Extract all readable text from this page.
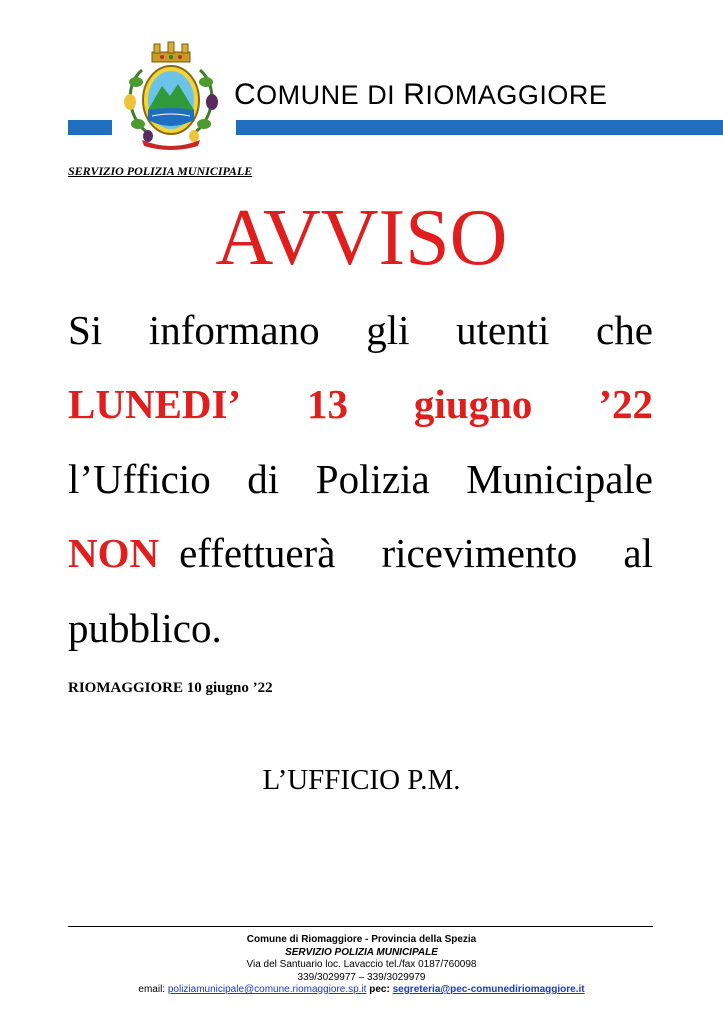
COMUNE DI RIOMAGGIORE
SERVIZIO POLIZIA MUNICIPALE
AVVISO
Si informano gli utenti che
LUNEDI’ 13 giugno ’22
l’Ufficio di Polizia Municipale
NON effettuerà ricevimento al
pubblico.
RIOMAGGIORE 10 giugno ’22
L’UFFICIO P.M.
Comune di Riomaggiore - Provincia della Spezia
SERVIZIO POLIZIA MUNICIPALE
Via del Santuario loc. Lavaccio tel./fax 0187/760098
339/3029977 – 339/3029979
email: poliziamunicipale@comune.riomaggiore.sp.it pec: segreteria@pec-comunediriomaggiore.it
